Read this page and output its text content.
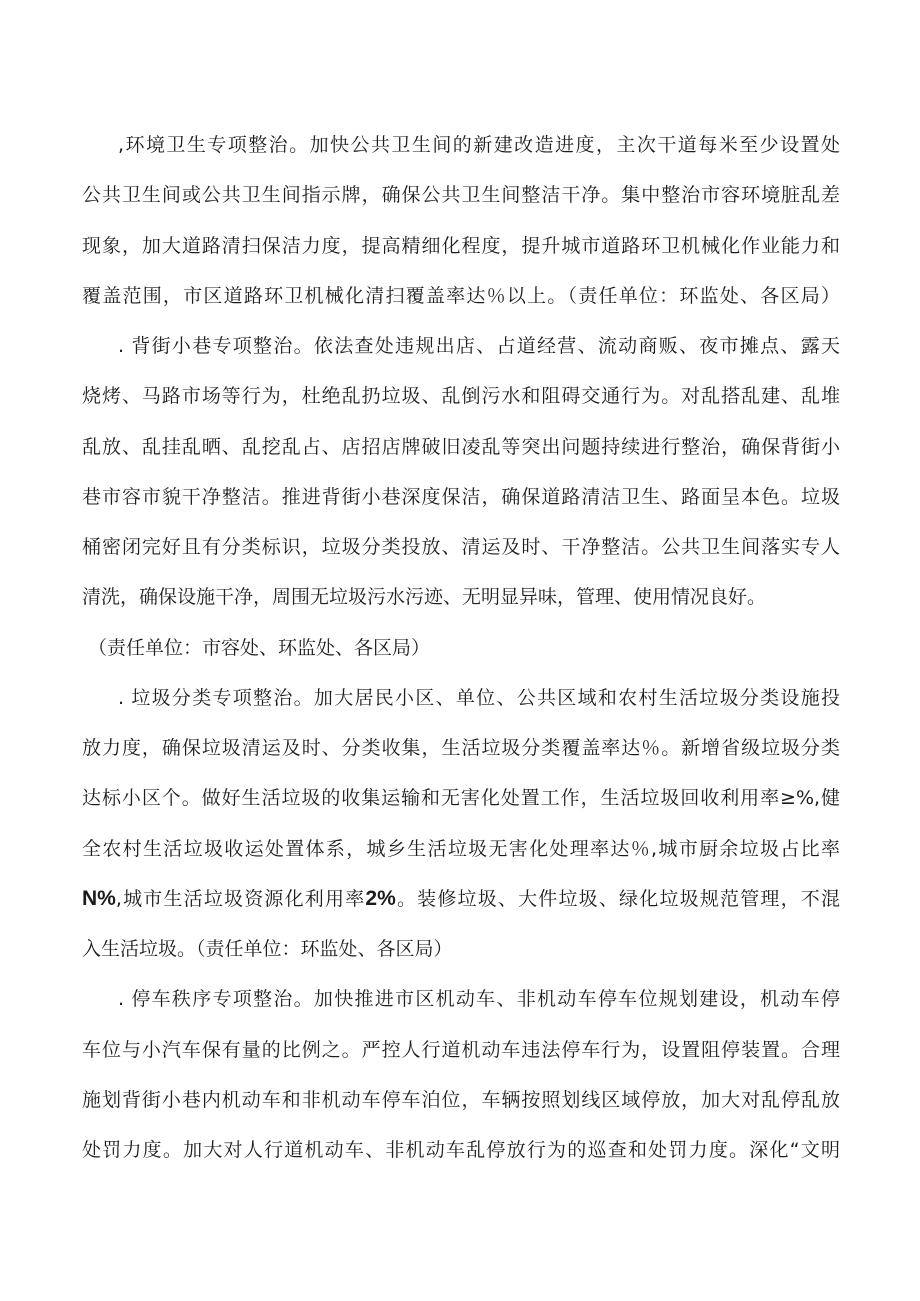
,环境卫生专项整治。加快公共卫生间的新建改造进度，主次干道每米至少设置处
公共卫生间或公共卫生间指示牌，确保公共卫生间整洁干净。集中整治市容环境脏乱差
现象，加大道路清扫保洁力度，提高精细化程度，提升城市道路环卫机械化作业能力和
覆盖范围，市区道路环卫机械化清扫覆盖率达％以上。（责任单位：环监处、各区局）
. 背街小巷专项整治。依法查处违规出店、占道经营、流动商贩、夜市摊点、露天
烧烤、马路市场等行为，杜绝乱扔垃圾、乱倒污水和阻碍交通行为。对乱搭乱建、乱堆
乱放、乱挂乱晒、乱挖乱占、店招店牌破旧凌乱等突出问题持续进行整治，确保背街小
巷市容市貌干净整洁。推进背街小巷深度保洁，确保道路清洁卫生、路面呈本色。垃圾
桶密闭完好且有分类标识，垃圾分类投放、清运及时、干净整洁。公共卫生间落实专人
清洗，确保设施干净，周围无垃圾污水污迹、无明显异味，管理、使用情况良好。
（责任单位：市容处、环监处、各区局）
. 垃圾分类专项整治。加大居民小区、单位、公共区域和农村生活垃圾分类设施投
放力度，确保垃圾清运及时、分类收集，生活垃圾分类覆盖率达％。新增省级垃圾分类
达标小区个。做好生活垃圾的收集运输和无害化处置工作，生活垃圾回收利用率≥%,健
全农村生活垃圾收运处置体系，城乡生活垃圾无害化处理率达％,城市厨余垃圾占比率
N%,城市生活垃圾资源化利用率2%。装修垃圾、大件垃圾、绿化垃圾规范管理，不混
入生活垃圾。（责任单位：环监处、各区局）
. 停车秩序专项整治。加快推进市区机动车、非机动车停车位规划建设，机动车停
车位与小汽车保有量的比例之。严控人行道机动车违法停车行为，设置阻停装置。合理
施划背街小巷内机动车和非机动车停车泊位，车辆按照划线区域停放，加大对乱停乱放
处罚力度。加大对人行道机动车、非机动车乱停放行为的巡查和处罚力度。深化“文明
